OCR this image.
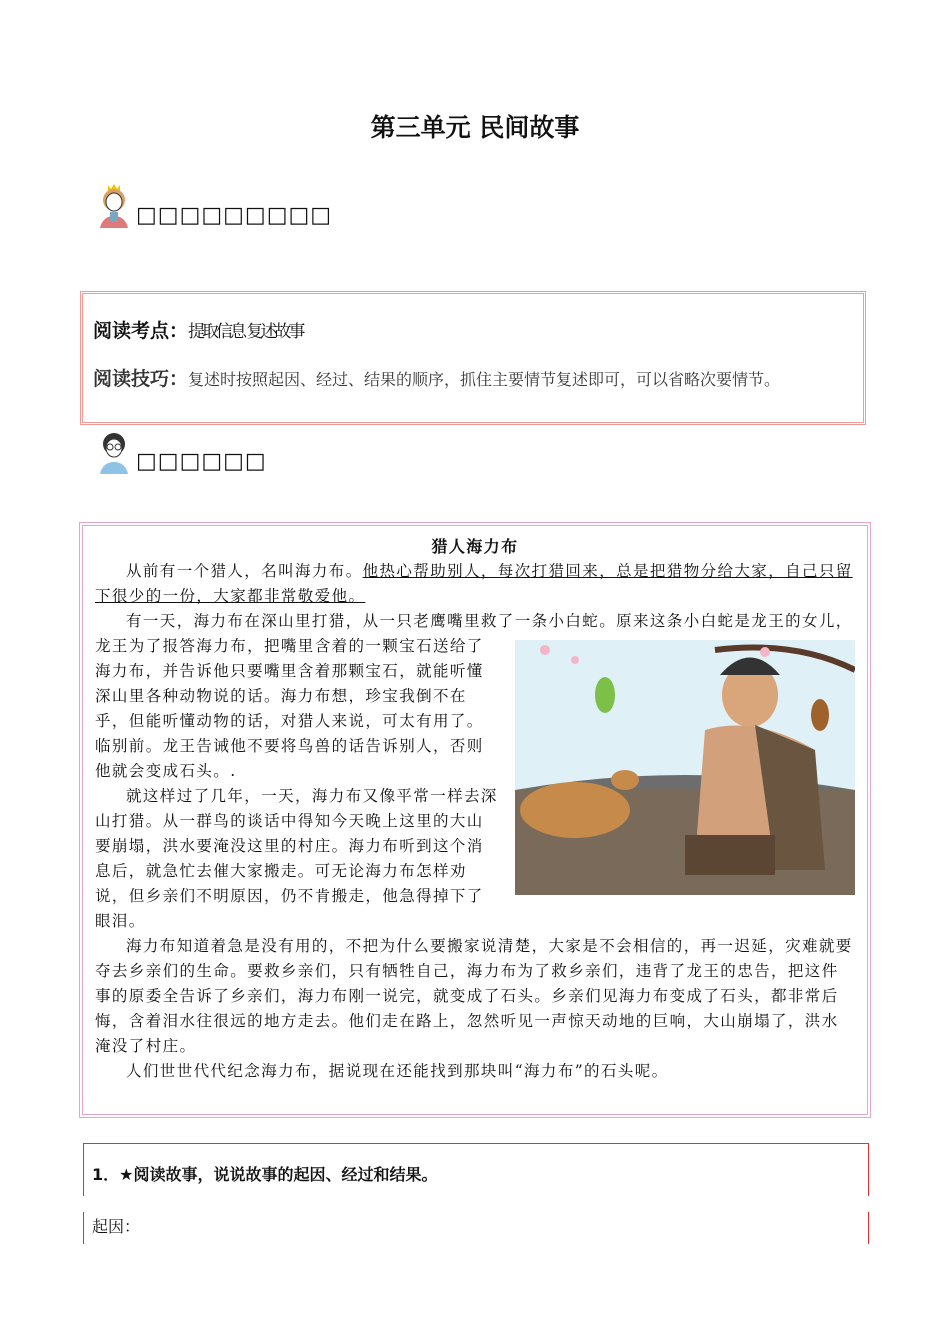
第三单元 民间故事
□□□□□□□□□
阅读考点：提取信息 复述故事
阅读技巧：复述时按照起因、经过、结果的顺序，抓住主要情节复述即可，可以省略次要情节。
□□□□□□
猎人海力布

从前有一个猎人，名叫海力布。他热心帮助别人，每次打猎回来，总是把猎物分给大家，自己只留下很少的一份，大家都非常敬爱他。

有一天，海力布在深山里打猎，从一只老鹰嘴里救了一条小白蛇。原来这条小白蛇是龙王的女儿，龙王为了报答海力布，把嘴里含着的一颗宝石送给了海力布，并告诉他只要嘴里含着那颗宝石，就能听懂深山里各种动物说的话。海力布想，珍宝我倒不在乎，但能听懂动物的话，对猎人来说，可太有用了。临别前。龙王告诫他不要将鸟兽的话告诉别人，否则他就会变成石头。.

就这样过了几年，一天，海力布又像平常一样去深山打猎。从一群鸟的谈话中得知今天晚上这里的大山要崩塌，洪水要淹没这里的村庄。海力布听到这个消息后，就急忙去催大家搬走。可无论海力布怎样劝说，但乡亲们不明原因，仍不肯搬走，他急得掉下了眼泪。

海力布知道着急是没有用的，不把为什么要搬家说清楚，大家是不会相信的，再一迟延，灾难就要夺去乡亲们的生命。要救乡亲们，只有牺牲自己，海力布为了救乡亲们，违背了龙王的忠告，把这件事的原委全告诉了乡亲们，海力布刚一说完，就变成了石头。乡亲们见海力布变成了石头，都非常后悔，含着泪水往很远的地方走去。他们走在路上，忽然听见一声惊天动地的巨响，大山崩塌了，洪水淹没了村庄。

人们世世代代纪念海力布，据说现在还能找到那块叫“海力布”的石头呢。

1．★阅读故事，说说故事的起因、经过和结果。
起因：
